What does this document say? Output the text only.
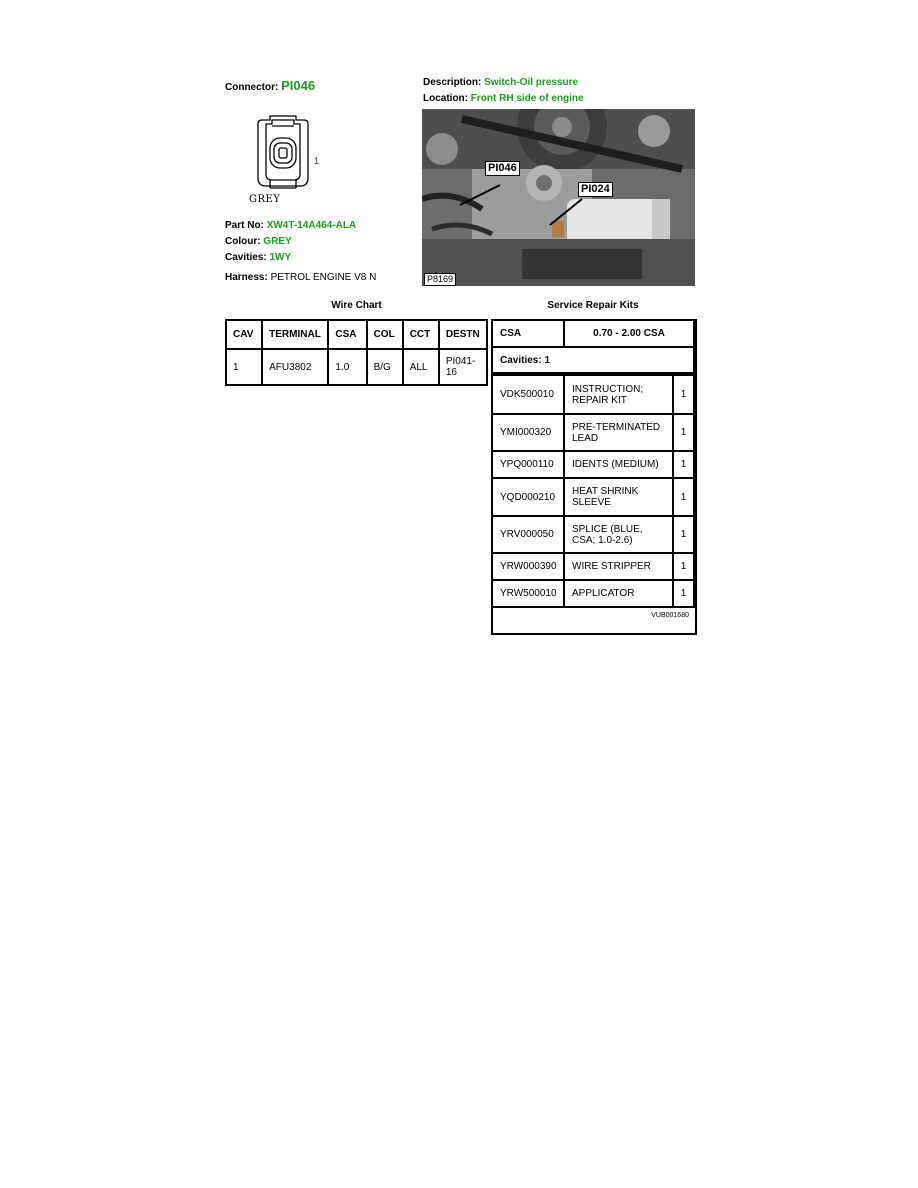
Connector: PI046	Description: Switch-Oil pressure
Location: Front RH side of engine
1
GREY
Part No: XW4T-14A464-ALA
Colour: GREY
Cavities: 1WY
Harness: PETROL ENGINE V8 N
PI046
PI024
P8169
Wire Chart	Service Repair Kits
CAV	TERMINAL	CSA	COL	CCT	DESTN
1	AFU3802	1.0	B/G	ALL	PI041-16
CSA	0.70 - 2.00 CSA
Cavities: 1
VDK500010	INSTRUCTION; REPAIR KIT	1
YMI000320	PRE-TERMINATED LEAD	1
YPQ000110	IDENTS (MEDIUM)	1
YQD000210	HEAT SHRINK SLEEVE	1
YRV000050	SPLICE (BLUE, CSA; 1.0-2.6)	1
YRW000390	WIRE STRIPPER	1
YRW500010	APPLICATOR	1
VUB001680
